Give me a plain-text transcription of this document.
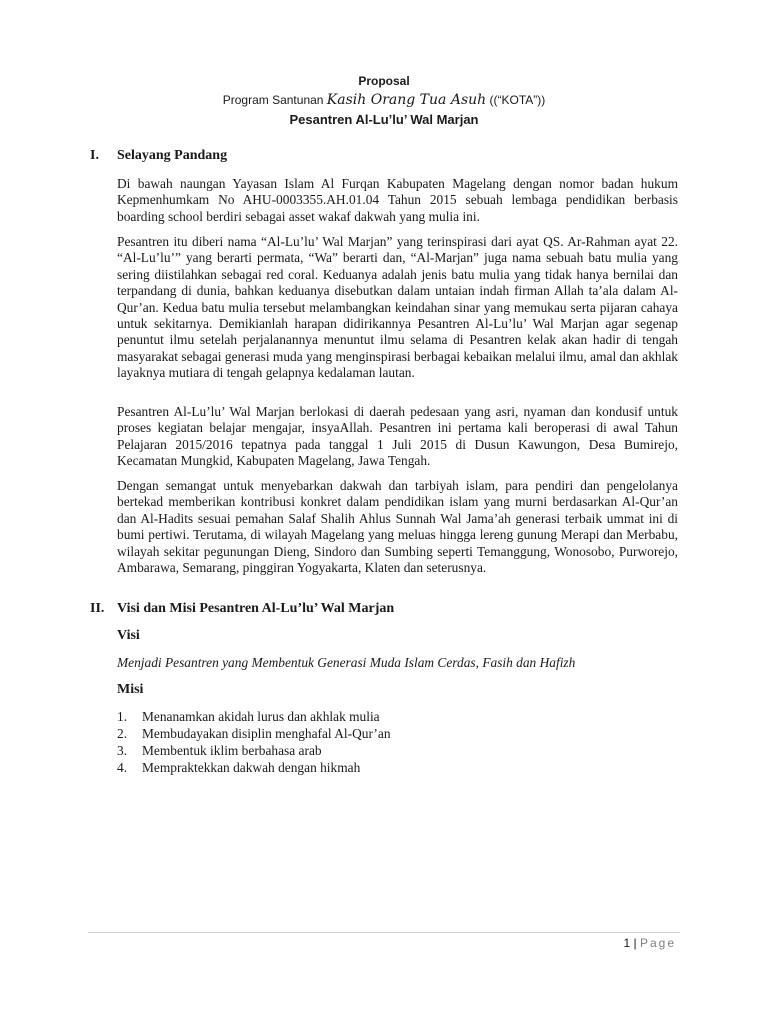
Proposal
Program Santunan Kasih Orang Tua Asuh ((“KOTA”))
Pesantren Al-Lu’lu’ Wal Marjan
I. Selayang Pandang

Di bawah naungan Yayasan Islam Al Furqan Kabupaten Magelang dengan nomor badan hukum Kepmenhumkam No AHU-0003355.AH.01.04 Tahun 2015 sebuah lembaga pendidikan berbasis boarding school berdiri sebagai asset wakaf dakwah yang mulia ini.

Pesantren itu diberi nama “Al-Lu’lu’ Wal Marjan” yang terinspirasi dari ayat QS. Ar-Rahman ayat 22. “Al-Lu’lu’” yang berarti permata, “Wa” berarti dan, “Al-Marjan” juga nama sebuah batu mulia yang sering diistilahkan sebagai red coral. Keduanya adalah jenis batu mulia yang tidak hanya bernilai dan terpandang di dunia, bahkan keduanya disebutkan dalam untaian indah firman Allah ta’ala dalam Al-Qur’an. Kedua batu mulia tersebut melambangkan keindahan sinar yang memukau serta pijaran cahaya untuk sekitarnya. Demikianlah harapan didirikannya Pesantren Al-Lu’lu’ Wal Marjan agar segenap penuntut ilmu setelah perjalanannya menuntut ilmu selama di Pesantren kelak akan hadir di tengah masyarakat sebagai generasi muda yang menginspirasi berbagai kebaikan melalui ilmu, amal dan akhlak layaknya mutiara di tengah gelapnya kedalaman lautan.

Pesantren Al-Lu’lu’ Wal Marjan berlokasi di daerah pedesaan yang asri, nyaman dan kondusif untuk proses kegiatan belajar mengajar, insyaAllah. Pesantren ini pertama kali beroperasi di awal Tahun Pelajaran 2015/2016 tepatnya pada tanggal 1 Juli 2015 di Dusun Kawungon, Desa Bumirejo, Kecamatan Mungkid, Kabupaten Magelang, Jawa Tengah.

Dengan semangat untuk menyebarkan dakwah dan tarbiyah islam, para pendiri dan pengelolanya bertekad memberikan kontribusi konkret dalam pendidikan islam yang murni berdasarkan Al-Qur’an dan Al-Hadits sesuai pemahan Salaf Shalih Ahlus Sunnah Wal Jama’ah generasi terbaik ummat ini di bumi pertiwi. Terutama, di wilayah Magelang yang meluas hingga lereng gunung Merapi dan Merbabu, wilayah sekitar pegunungan Dieng, Sindoro dan Sumbing seperti Temanggung, Wonosobo, Purworejo, Ambarawa, Semarang, pinggiran Yogyakarta, Klaten dan seterusnya.

II. Visi dan Misi Pesantren Al-Lu’lu’ Wal Marjan
Visi
Menjadi Pesantren yang Membentuk Generasi Muda Islam Cerdas, Fasih dan Hafizh
Misi
1. Menanamkan akidah lurus dan akhlak mulia
2. Membudayakan disiplin menghafal Al-Qur’an
3. Membentuk iklim berbahasa arab
4. Mempraktekkan dakwah dengan hikmah
1 | Page
